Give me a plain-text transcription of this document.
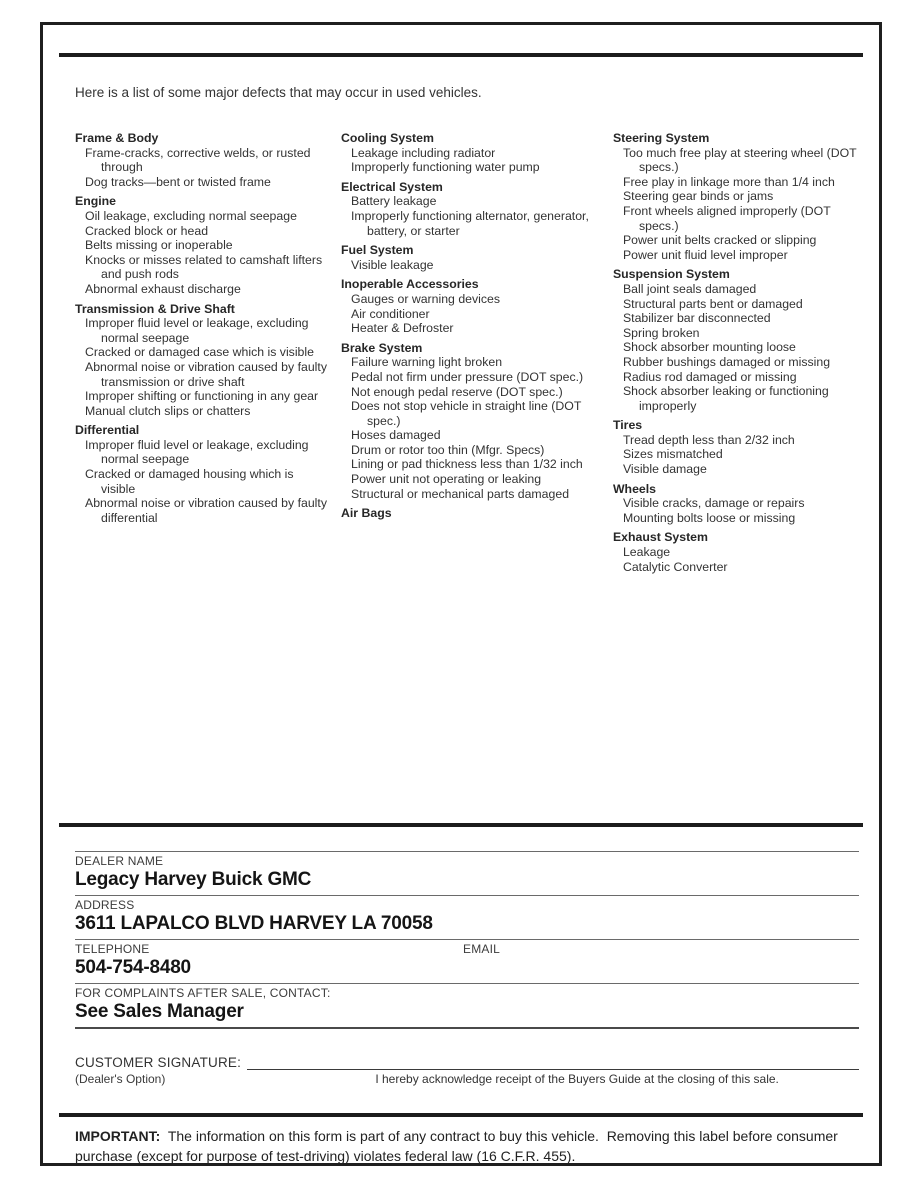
Here is a list of some major defects that may occur in used vehicles.
Frame & Body
Frame-cracks, corrective welds, or rusted through
Dog tracks—bent or twisted frame
Engine
Oil leakage, excluding normal seepage
Cracked block or head
Belts missing or inoperable
Knocks or misses related to camshaft lifters and push rods
Abnormal exhaust discharge
Transmission & Drive Shaft
Improper fluid level or leakage, excluding normal seepage
Cracked or damaged case which is visible
Abnormal noise or vibration caused by faulty transmission or drive shaft
Improper shifting or functioning in any gear
Manual clutch slips or chatters
Differential
Improper fluid level or leakage, excluding normal seepage
Cracked or damaged housing which is visible
Abnormal noise or vibration caused by faulty differential
Cooling System
Leakage including radiator
Improperly functioning water pump
Electrical System
Battery leakage
Improperly functioning alternator, generator, battery, or starter
Fuel System
Visible leakage
Inoperable Accessories
Gauges or warning devices
Air conditioner
Heater & Defroster
Brake System
Failure warning light broken
Pedal not firm under pressure (DOT spec.)
Not enough pedal reserve (DOT spec.)
Does not stop vehicle in straight line (DOT spec.)
Hoses damaged
Drum or rotor too thin (Mfgr. Specs)
Lining or pad thickness less than 1/32 inch
Power unit not operating or leaking
Structural or mechanical parts damaged
Air Bags
Steering System
Too much free play at steering wheel (DOT specs.)
Free play in linkage more than 1/4 inch
Steering gear binds or jams
Front wheels aligned improperly (DOT specs.)
Power unit belts cracked or slipping
Power unit fluid level improper
Suspension System
Ball joint seals damaged
Structural parts bent or damaged
Stabilizer bar disconnected
Spring broken
Shock absorber mounting loose
Rubber bushings damaged or missing
Radius rod damaged or missing
Shock absorber leaking or functioning improperly
Tires
Tread depth less than 2/32 inch
Sizes mismatched
Visible damage
Wheels
Visible cracks, damage or repairs
Mounting bolts loose or missing
Exhaust System
Leakage
Catalytic Converter
DEALER NAME
Legacy Harvey Buick GMC
ADDRESS
3611 LAPALCO BLVD HARVEY LA 70058
TELEPHONE
504-754-8480
EMAIL
FOR COMPLAINTS AFTER SALE, CONTACT:
See Sales Manager
CUSTOMER SIGNATURE:
(Dealer's Option)	I hereby acknowledge receipt of the Buyers Guide at the closing of this sale.
IMPORTANT:  The information on this form is part of any contract to buy this vehicle.  Removing this label before consumer purchase (except for purpose of test-driving) violates federal law (16 C.F.R. 455).
